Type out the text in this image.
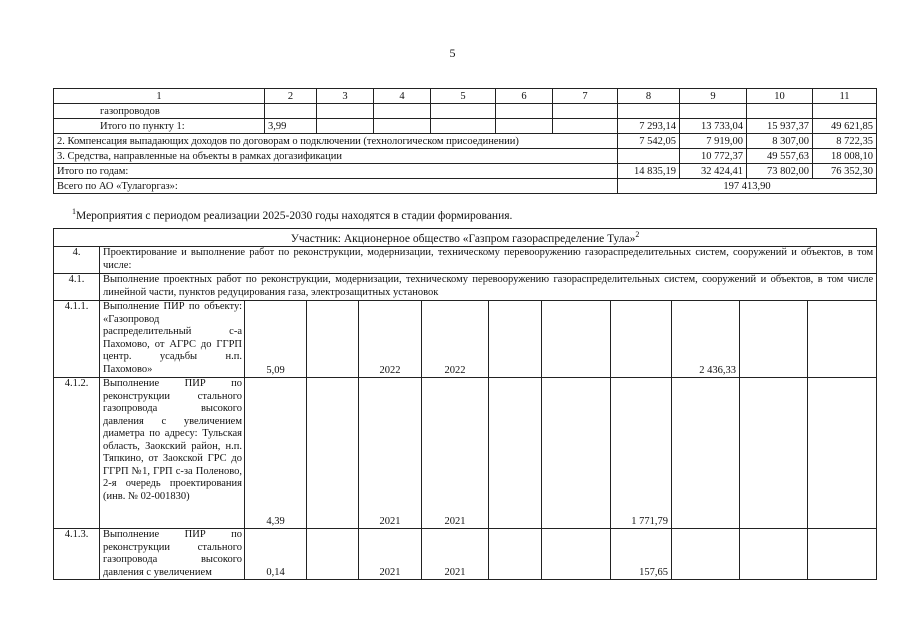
5
1	2	3	4	5	6	7	8	9	10	11
газопроводов										
Итого по пункту 1:	3,99						7 293,14	13 733,04	15 937,37	49 621,85
2. Компенсация выпадающих доходов по договорам о подключении (технологическом присоединении)							7 542,05	7 919,00	8 307,00	8 722,35
3. Средства, направленные на объекты в рамках догазификации								10 772,37	49 557,63	18 008,10
Итого по годам:							14 835,19	32 424,41	73 802,00	76 352,30
Всего по АО «Тулагоргаз»:							197 413,90			
$^1$Мероприятия с периодом реализации 2025-2030 годы находятся в стадии формирования.
Участник: Акционерное общество «Газпром газораспределение Тула»$^2$
4.	Проектирование и выполнение работ по реконструкции, модернизации, техническому перевооружению газораспределительных систем, сооружений и объектов, в том числе:										
4.1.	Выполнение проектных работ по реконструкции, модернизации, техническому перевооружению газораспределительных систем, сооружений и объектов, в том числе линейной части, пунктов редуцирования газа, электрозащитных установок										
4.1.1.	Выполнение ПИР по объекту: «Газопровод распределительный с-а Пахомово, от АГРС до ГГРП центр. усадьбы н.п. Пахомово»	5,09		2022	2022				2 436,33		
4.1.2.	Выполнение ПИР по реконструкции стального газопровода высокого давления с увеличением диаметра по адресу: Тульская область, Заокский район, н.п. Тяпкино, от Заокской ГРС до ГГРП №1, ГРП с-за Поленово, 2-я очередь проектирования (инв. № 02-001830)	4,39		2021	2021			1 771,79			
4.1.3.	Выполнение ПИР по реконструкции стального газопровода высокого давления с увеличением	0,14		2021	2021			157,65			
